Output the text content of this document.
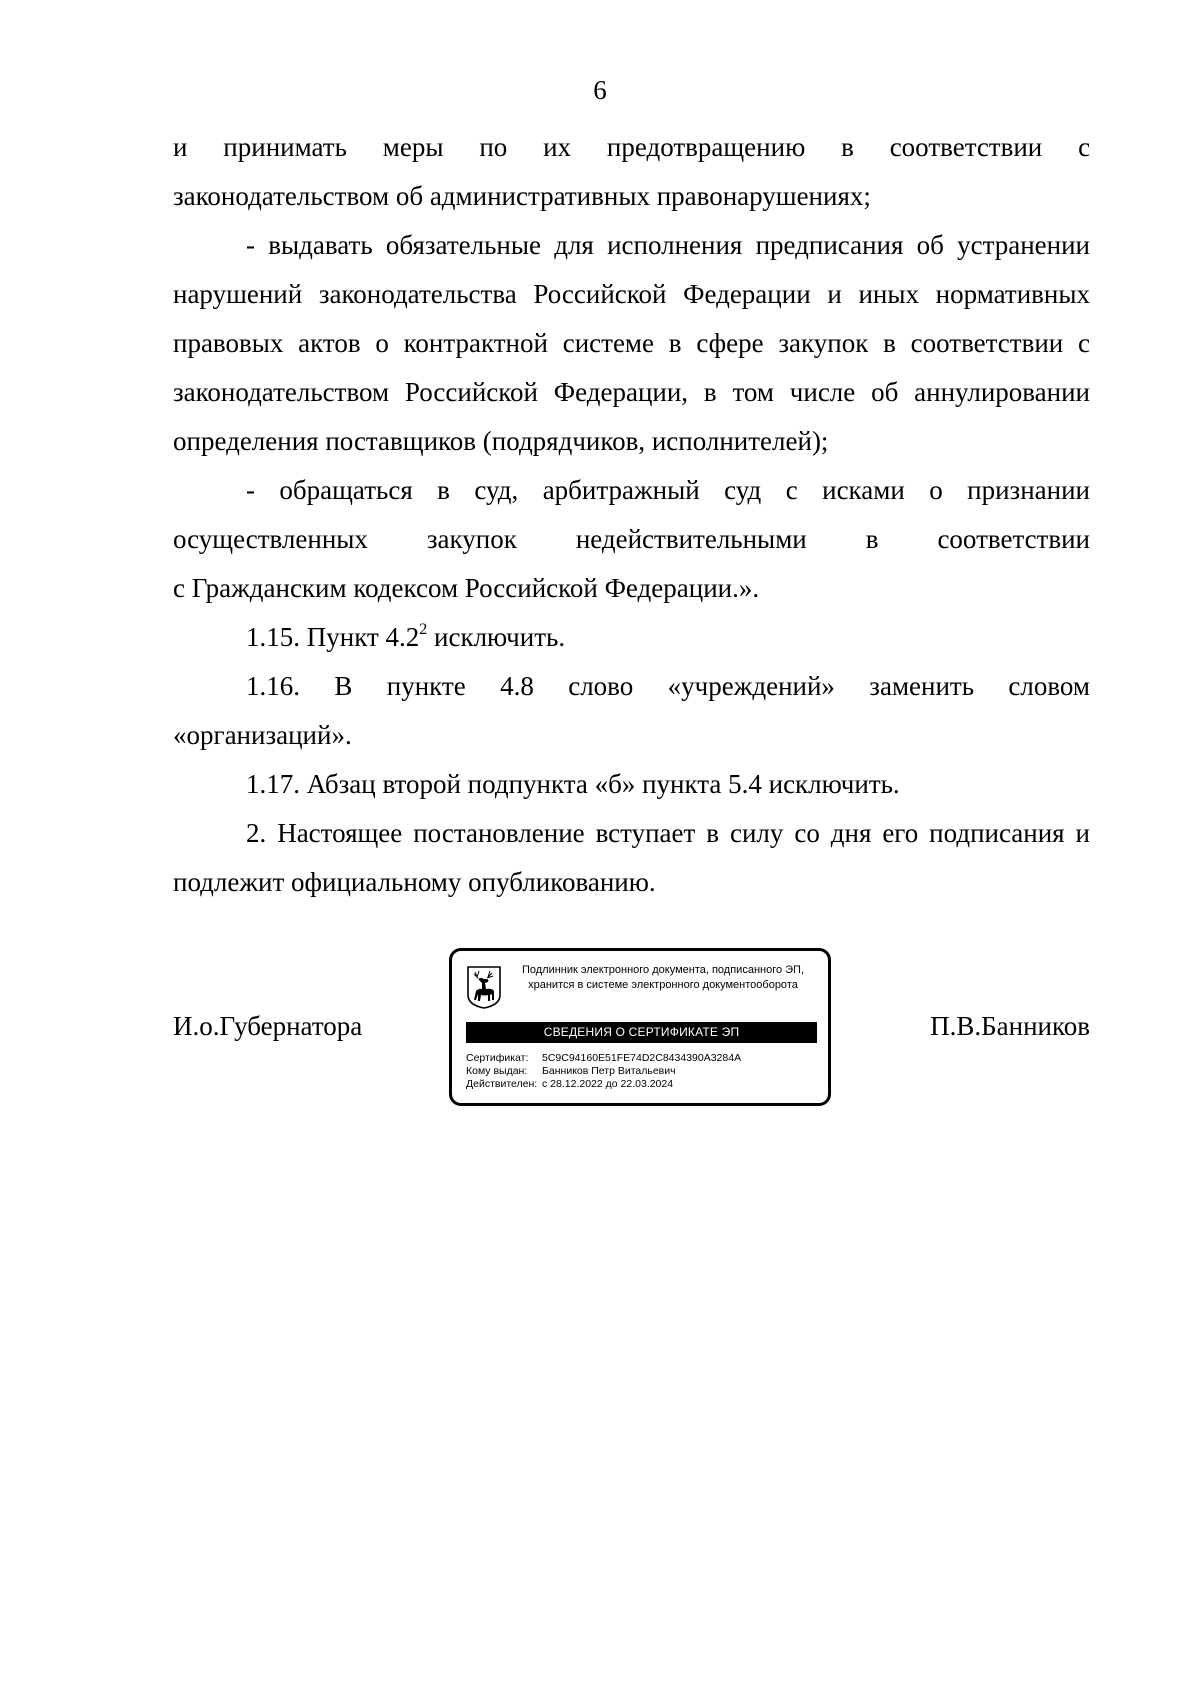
6

и принимать меры по их предотвращению в соответствии с
законодательством об административных правонарушениях;

- выдавать обязательные для исполнения предписания об устранении нарушений законодательства Российской Федерации и иных нормативных правовых актов о контрактной системе в сфере закупок в соответствии с законодательством Российской Федерации, в том числе об аннулировании определения поставщиков (подрядчиков, исполнителей);

- обращаться в суд, арбитражный суд с исками о признании
осуществленных закупок недействительными в соответствии
с Гражданским кодексом Российской Федерации.».

1.15. Пункт $4.2^2$ исключить.

1.16. В пункте 4.8 слово «учреждений» заменить словом
«организаций».

1.17. Абзац второй подпункта «б» пункта 5.4 исключить.

2. Настоящее постановление вступает в силу со дня его подписания и подлежит официальному опубликованию.

И.о.Губернатора	П.В.Банников
Подлинник электронного документа, подписанного ЭП,
хранится в системе электронного документооборота
СВЕДЕНИЯ О СЕРТИФИКАТЕ ЭП
Сертификат: 5C9C94160E51FE74D2C8434390A3284A
Кому выдан: Банников Петр Витальевич
Действителен: с 28.12.2022 до 22.03.2024
